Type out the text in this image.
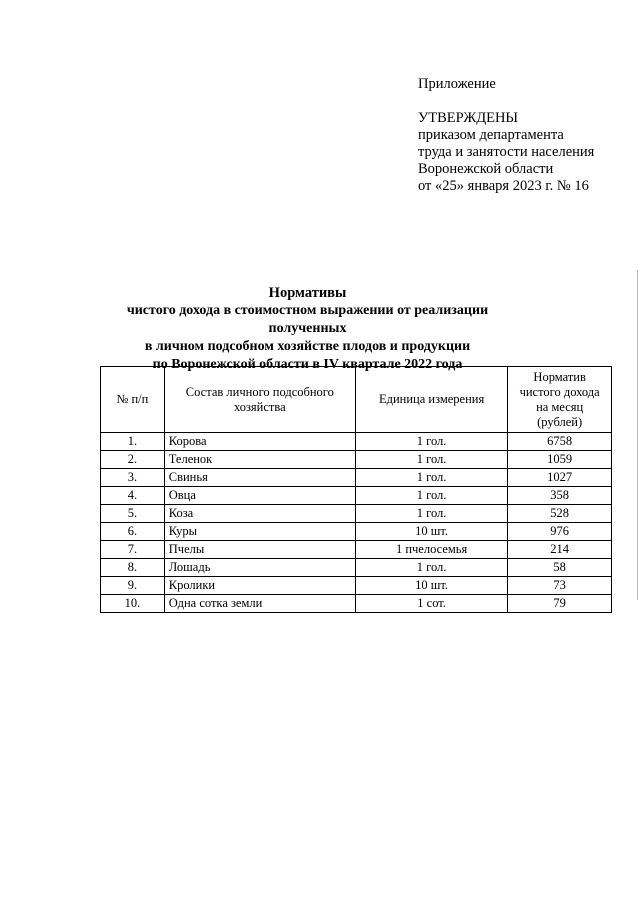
Приложение
УТВЕРЖДЕНЫ
приказом департамента
труда и занятости населения
Воронежской области
от «25» января 2023 г. № 16
Нормативы
чистого дохода в стоимостном выражении от реализации полученных
в личном подсобном хозяйстве плодов и продукции
по Воронежской области в IV квартале 2022 года
№ п/п	Состав личного подсобного хозяйства	Единица измерения	Норматив чистого дохода на месяц (рублей)
1.	Корова	1 гол.	6758
2.	Теленок	1 гол.	1059
3.	Свинья	1 гол.	1027
4.	Овца	1 гол.	358
5.	Коза	1 гол.	528
6.	Куры	10 шт.	976
7.	Пчелы	1 пчелосемья	214
8.	Лошадь	1 гол.	58
9.	Кролики	10 шт.	73
10.	Одна сотка земли	1 сот.	79
